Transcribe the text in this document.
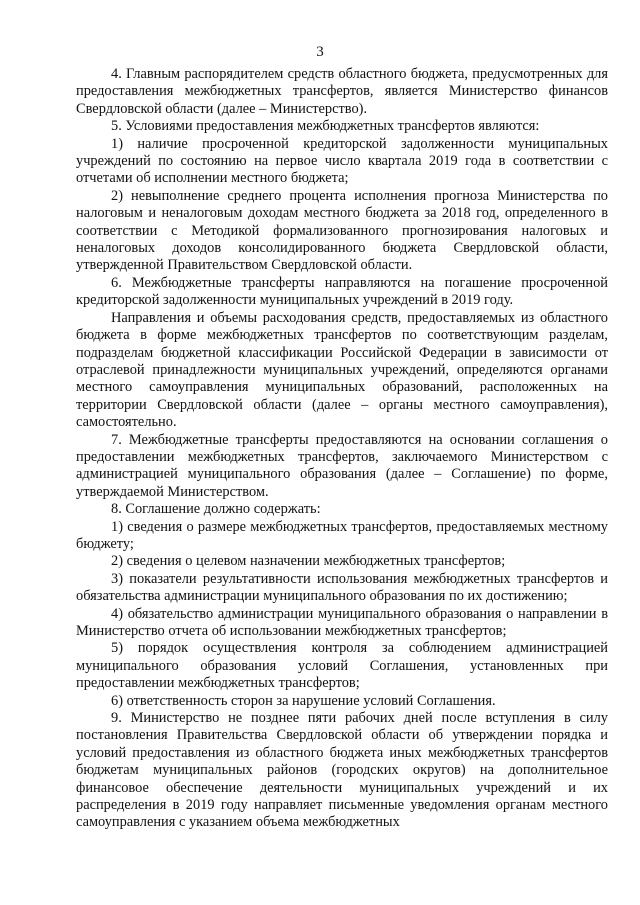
3

4. Главным распорядителем средств областного бюджета, предусмотренных для предоставления межбюджетных трансфертов, является Министерство финансов Свердловской области (далее – Министерство).

5. Условиями предоставления межбюджетных трансфертов являются:

1) наличие просроченной кредиторской задолженности муниципальных учреждений по состоянию на первое число квартала 2019 года в соответствии с отчетами об исполнении местного бюджета;

2) невыполнение среднего процента исполнения прогноза Министерства по налоговым и неналоговым доходам местного бюджета за 2018 год, определенного в соответствии с Методикой формализованного прогнозирования налоговых и неналоговых доходов консолидированного бюджета Свердловской области, утвержденной Правительством Свердловской области.

6. Межбюджетные трансферты направляются на погашение просроченной кредиторской задолженности муниципальных учреждений в 2019 году.

Направления и объемы расходования средств, предоставляемых из областного бюджета в форме межбюджетных трансфертов по соответствующим разделам, подразделам бюджетной классификации Российской Федерации в зависимости от отраслевой принадлежности муниципальных учреждений, определяются органами местного самоуправления муниципальных образований, расположенных на территории Свердловской области (далее – органы местного самоуправления), самостоятельно.

7. Межбюджетные трансферты предоставляются на основании соглашения о предоставлении межбюджетных трансфертов, заключаемого Министерством с администрацией муниципального образования (далее – Соглашение) по форме, утверждаемой Министерством.

8. Соглашение должно содержать:

1) сведения о размере межбюджетных трансфертов, предоставляемых местному бюджету;

2) сведения о целевом назначении межбюджетных трансфертов;

3) показатели результативности использования межбюджетных трансфертов и обязательства администрации муниципального образования по их достижению;

4) обязательство администрации муниципального образования о направлении в Министерство отчета об использовании межбюджетных трансфертов;

5) порядок осуществления контроля за соблюдением администрацией муниципального образования условий Соглашения, установленных при предоставлении межбюджетных трансфертов;

6) ответственность сторон за нарушение условий Соглашения.

9. Министерство не позднее пяти рабочих дней после вступления в силу постановления Правительства Свердловской области об утверждении порядка и условий предоставления из областного бюджета иных межбюджетных трансфертов бюджетам муниципальных районов (городских округов) на дополнительное финансовое обеспечение деятельности муниципальных учреждений и их распределения в 2019 году направляет письменные уведомления органам местного самоуправления с указанием объема межбюджетных
